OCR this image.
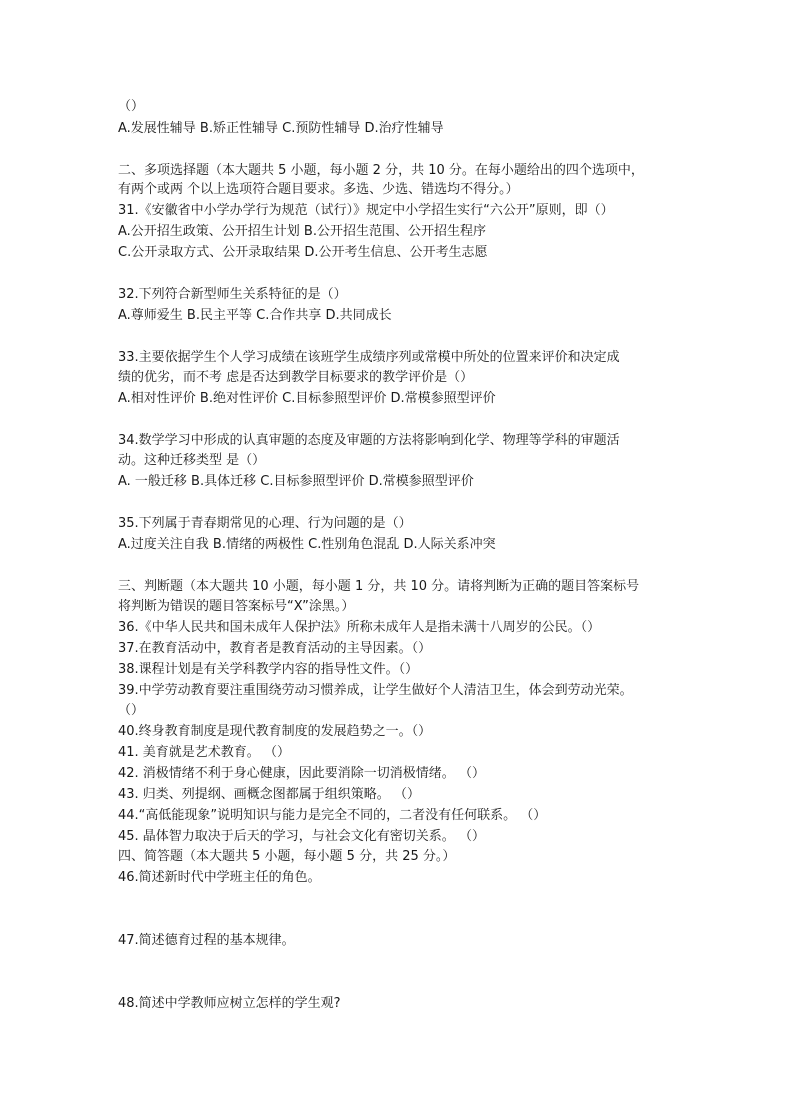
（）
A.发展性辅导 B.矫正性辅导 C.预防性辅导 D.治疗性辅导
二、多项选择题（本大题共 5 小题，每小题 2 分，共 10 分。在每小题给出的四个选项中，
有两个或两 个以上选项符合题目要求。多选、少选、错选均不得分。）
31.《安徽省中小学办学行为规范（试行）》规定中小学招生实行“六公开”原则，即（）
A.公开招生政策、公开招生计划 B.公开招生范围、公开招生程序
C.公开录取方式、公开录取结果 D.公开考生信息、公开考生志愿
32.下列符合新型师生关系特征的是（）
A.尊师爱生 B.民主平等 C.合作共享 D.共同成长
33.主要依据学生个人学习成绩在该班学生成绩序列或常模中所处的位置来评价和决定成
绩的优劣，而不考 虑是否达到教学目标要求的教学评价是（）
A.相对性评价 B.绝对性评价 C.目标参照型评价 D.常模参照型评价
34.数学学习中形成的认真审题的态度及审题的方法将影响到化学、物理等学科的审题活
动。这种迁移类型 是（）
A. 一般迁移 B.具体迁移 C.目标参照型评价 D.常模参照型评价
35.下列属于青春期常见的心理、行为问题的是（）
A.过度关注自我 B.情绪的两极性 C.性别角色混乱 D.人际关系冲突
三、判断题（本大题共 10 小题，每小题 1 分，共 10 分。请将判断为正确的题目答案标号
将判断为错误的题目答案标号“X”涂黑。）
36.《中华人民共和国未成年人保护法》所称未成年人是指未满十八周岁的公民。（）
37.在教育活动中，教育者是教育活动的主导因素。（）
38.课程计划是有关学科教学内容的指导性文件。（）
39.中学劳动教育要注重围绕劳动习惯养成，让学生做好个人清洁卫生，体会到劳动光荣。
（）
40.终身教育制度是现代教育制度的发展趋势之一。（）
41. 美育就是艺术教育。 （）
42. 消极情绪不利于身心健康，因此要消除一切消极情绪。 （）
43. 归类、列提纲、画概念图都属于组织策略。 （）
44.“高低能现象”说明知识与能力是完全不同的，二者没有任何联系。 （）
45. 晶体智力取决于后天的学习，与社会文化有密切关系。 （）
四、简答题（本大题共 5 小题，每小题 5 分，共 25 分。）
46.简述新时代中学班主任的角色。
47.简述德育过程的基本规律。
48.简述中学教师应树立怎样的学生观?
